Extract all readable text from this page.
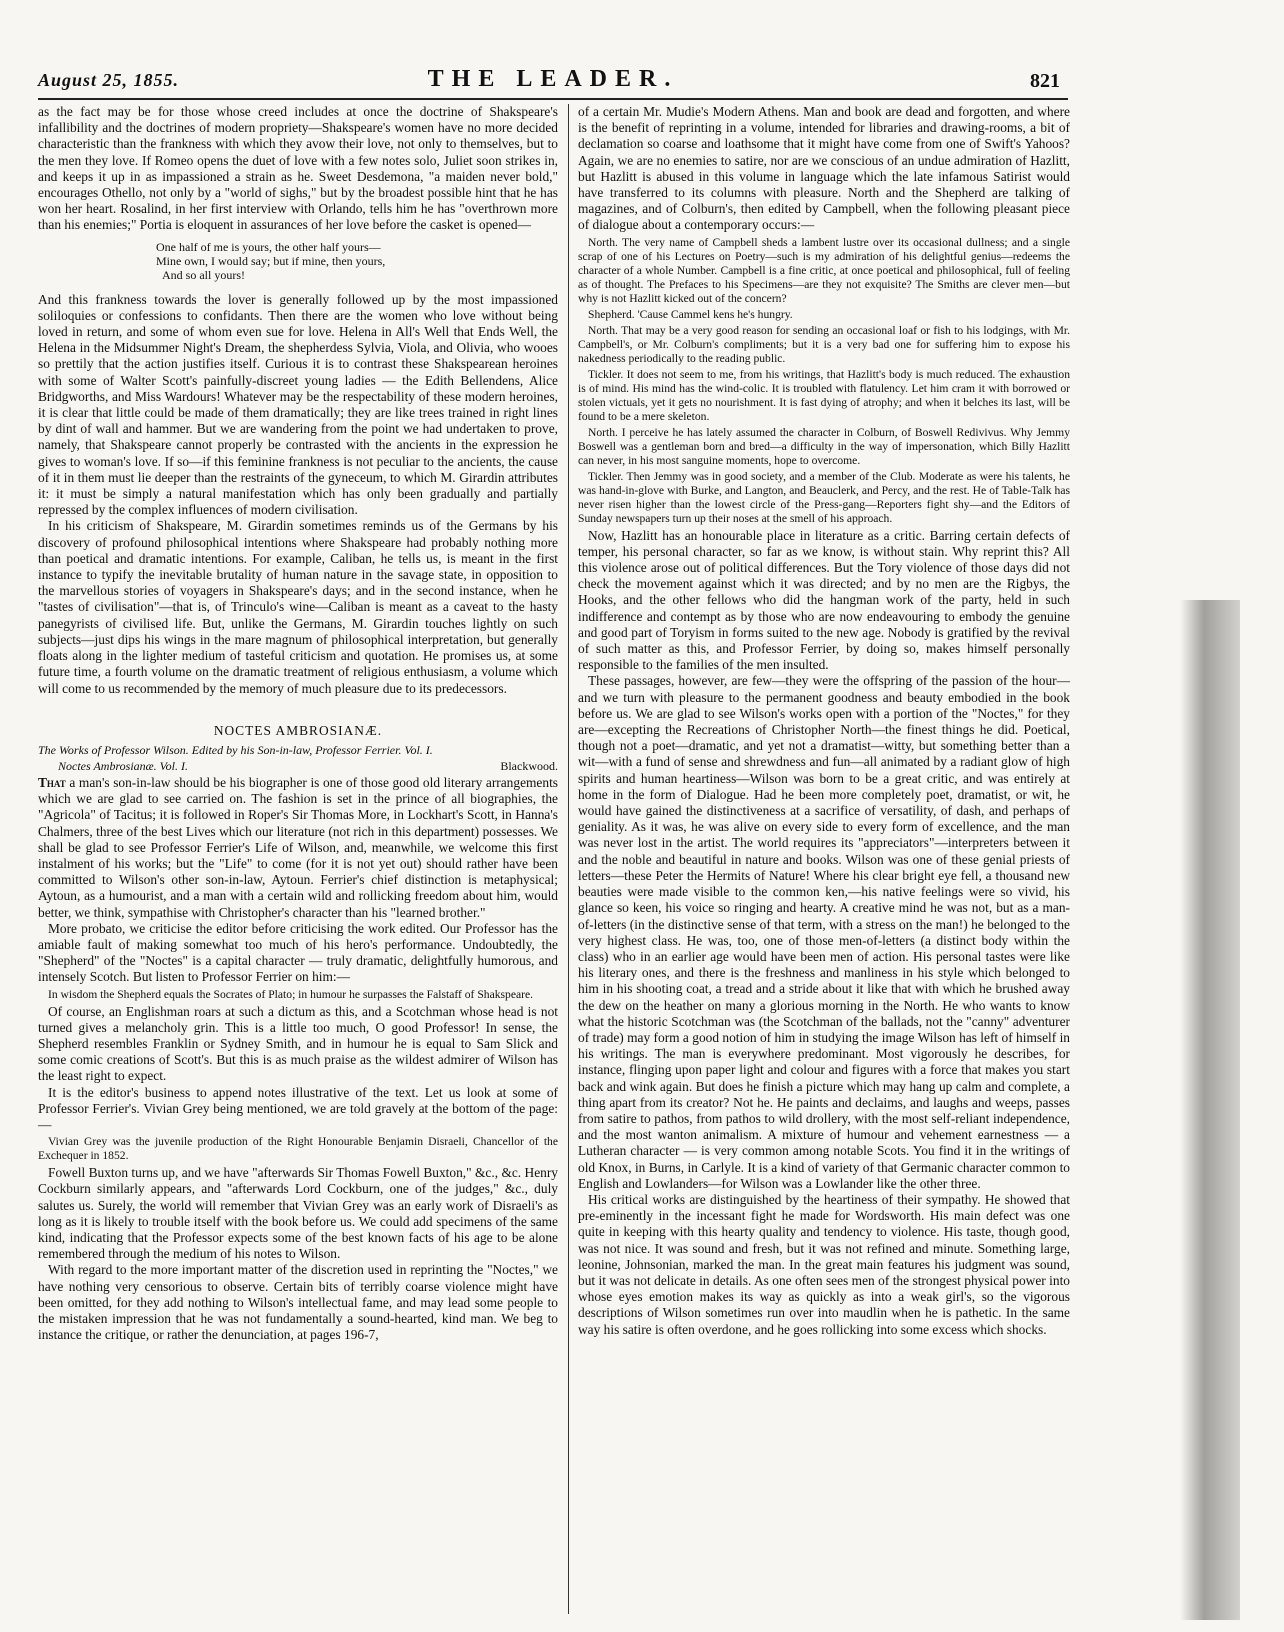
August 25, 1855.	THE LEADER.	821

as the fact may be for those whose creed includes at once the doctrine of Shakspeare's infallibility and the doctrines of modern propriety—Shakspeare's women have no more decided characteristic than the frankness with which they avow their love, not only to themselves, but to the men they love. If Romeo opens the duet of love with a few notes solo, Juliet soon strikes in, and keeps it up in as impassioned a strain as he. Sweet Desdemona, "a maiden never bold," encourages Othello, not only by a "world of sighs," but by the broadest possible hint that he has won her heart. Rosalind, in her first interview with Orlando, tells him he has "overthrown more than his enemies;" Portia is eloquent in assurances of her love before the casket is opened—

One half of me is yours, the other half yours—
Mine own, I would say; but if mine, then yours,
And so all yours!

And this frankness towards the lover is generally followed up by the most impassioned soliloquies or confessions to confidants. Then there are the women who love without being loved in return, and some of whom even sue for love. Helena in All's Well that Ends Well, the Helena in the Midsummer Night's Dream, the shepherdess Sylvia, Viola, and Olivia, who wooes so prettily that the action justifies itself. Curious it is to contrast these Shakspearean heroines with some of Walter Scott's painfully-discreet young ladies — the Edith Bellendens, Alice Bridgworths, and Miss Wardours! Whatever may be the respectability of these modern heroines, it is clear that little could be made of them dramatically; they are like trees trained in right lines by dint of wall and hammer. But we are wandering from the point we had undertaken to prove, namely, that Shakspeare cannot properly be contrasted with the ancients in the expression he gives to woman's love. If so—if this feminine frankness is not peculiar to the ancients, the cause of it in them must lie deeper than the restraints of the gyneceum, to which M. Girardin attributes it: it must be simply a natural manifestation which has only been gradually and partially repressed by the complex influences of modern civilisation.

In his criticism of Shakspeare, M. Girardin sometimes reminds us of the Germans by his discovery of profound philosophical intentions where Shakspeare had probably nothing more than poetical and dramatic intentions. For example, Caliban, he tells us, is meant in the first instance to typify the inevitable brutality of human nature in the savage state, in opposition to the marvellous stories of voyagers in Shakspeare's days; and in the second instance, when he "tastes of civilisation"—that is, of Trinculo's wine—Caliban is meant as a caveat to the hasty panegyrists of civilised life. But, unlike the Germans, M. Girardin touches lightly on such subjects—just dips his wings in the mare magnum of philosophical interpretation, but generally floats along in the lighter medium of tasteful criticism and quotation. He promises us, at some future time, a fourth volume on the dramatic treatment of religious enthusiasm, a volume which will come to us recommended by the memory of much pleasure due to its predecessors.

NOCTES AMBROSIANÆ.
The Works of Professor Wilson. Edited by his Son-in-law, Professor Ferrier. Vol. I.
Noctes Ambrosianæ. Vol. I.	Blackwood.

That a man's son-in-law should be his biographer is one of those good old literary arrangements which we are glad to see carried on. The fashion is set in the prince of all biographies, the "Agricola" of Tacitus; it is followed in Roper's Sir Thomas More, in Lockhart's Scott, in Hanna's Chalmers, three of the best Lives which our literature (not rich in this department) possesses. We shall be glad to see Professor Ferrier's Life of Wilson, and, meanwhile, we welcome this first instalment of his works; but the "Life" to come (for it is not yet out) should rather have been committed to Wilson's other son-in-law, Aytoun. Ferrier's chief distinction is metaphysical; Aytoun, as a humourist, and a man with a certain wild and rollicking freedom about him, would better, we think, sympathise with Christopher's character than his "learned brother."

More probato, we criticise the editor before criticising the work edited. Our Professor has the amiable fault of making somewhat too much of his hero's performance. Undoubtedly, the "Shepherd" of the "Noctes" is a capital character — truly dramatic, delightfully humorous, and intensely Scotch. But listen to Professor Ferrier on him:—

In wisdom the Shepherd equals the Socrates of Plato; in humour he surpasses the Falstaff of Shakspeare.

Of course, an Englishman roars at such a dictum as this, and a Scotchman whose head is not turned gives a melancholy grin. This is a little too much, O good Professor! In sense, the Shepherd resembles Franklin or Sydney Smith, and in humour he is equal to Sam Slick and some comic creations of Scott's. But this is as much praise as the wildest admirer of Wilson has the least right to expect.

It is the editor's business to append notes illustrative of the text. Let us look at some of Professor Ferrier's. Vivian Grey being mentioned, we are told gravely at the bottom of the page:—

Vivian Grey was the juvenile production of the Right Honourable Benjamin Disraeli, Chancellor of the Exchequer in 1852.

Fowell Buxton turns up, and we have "afterwards Sir Thomas Fowell Buxton," &c., &c. Henry Cockburn similarly appears, and "afterwards Lord Cockburn, one of the judges," &c., duly salutes us. Surely, the world will remember that Vivian Grey was an early work of Disraeli's as long as it is likely to trouble itself with the book before us. We could add specimens of the same kind, indicating that the Professor expects some of the best known facts of his age to be alone remembered through the medium of his notes to Wilson.

With regard to the more important matter of the discretion used in reprinting the "Noctes," we have nothing very censorious to observe. Certain bits of terribly coarse violence might have been omitted, for they add nothing to Wilson's intellectual fame, and may lead some people to the mistaken impression that he was not fundamentally a sound-hearted, kind man. We beg to instance the critique, or rather the denunciation, at pages 196-7,

of a certain Mr. Mudie's Modern Athens. Man and book are dead and forgotten, and where is the benefit of reprinting in a volume, intended for libraries and drawing-rooms, a bit of declamation so coarse and loathsome that it might have come from one of Swift's Yahoos? Again, we are no enemies to satire, nor are we conscious of an undue admiration of Hazlitt, but Hazlitt is abused in this volume in language which the late infamous Satirist would have transferred to its columns with pleasure. North and the Shepherd are talking of magazines, and of Colburn's, then edited by Campbell, when the following pleasant piece of dialogue about a contemporary occurs:—

North. The very name of Campbell sheds a lambent lustre over its occasional dullness; and a single scrap of one of his Lectures on Poetry—such is my admiration of his delightful genius—redeems the character of a whole Number. Campbell is a fine critic, at once poetical and philosophical, full of feeling as of thought. The Prefaces to his Specimens—are they not exquisite? The Smiths are clever men—but why is not Hazlitt kicked out of the concern?
Shepherd. 'Cause Cammel kens he's hungry.
North. That may be a very good reason for sending an occasional loaf or fish to his lodgings, with Mr. Campbell's, or Mr. Colburn's compliments; but it is a very bad one for suffering him to expose his nakedness periodically to the reading public.
Tickler. It does not seem to me, from his writings, that Hazlitt's body is much reduced. The exhaustion is of mind. His mind has the wind-colic. It is troubled with flatulency. Let him cram it with borrowed or stolen victuals, yet it gets no nourishment. It is fast dying of atrophy; and when it belches its last, will be found to be a mere skeleton.
North. I perceive he has lately assumed the character in Colburn, of Boswell Redivivus. Why Jemmy Boswell was a gentleman born and bred—a difficulty in the way of impersonation, which Billy Hazlitt can never, in his most sanguine moments, hope to overcome.
Tickler. Then Jemmy was in good society, and a member of the Club. Moderate as were his talents, he was hand-in-glove with Burke, and Langton, and Beauclerk, and Percy, and the rest. He of Table-Talk has never risen higher than the lowest circle of the Press-gang—Reporters fight shy—and the Editors of Sunday newspapers turn up their noses at the smell of his approach.

Now, Hazlitt has an honourable place in literature as a critic. Barring certain defects of temper, his personal character, so far as we know, is without stain. Why reprint this? All this violence arose out of political differences. But the Tory violence of those days did not check the movement against which it was directed; and by no men are the Rigbys, the Hooks, and the other fellows who did the hangman work of the party, held in such indifference and contempt as by those who are now endeavouring to embody the genuine and good part of Toryism in forms suited to the new age. Nobody is gratified by the revival of such matter as this, and Professor Ferrier, by doing so, makes himself personally responsible to the families of the men insulted.

These passages, however, are few—they were the offspring of the passion of the hour—and we turn with pleasure to the permanent goodness and beauty embodied in the book before us. We are glad to see Wilson's works open with a portion of the "Noctes," for they are—excepting the Recreations of Christopher North—the finest things he did. Poetical, though not a poet—dramatic, and yet not a dramatist—witty, but something better than a wit—with a fund of sense and shrewdness and fun—all animated by a radiant glow of high spirits and human heartiness—Wilson was born to be a great critic, and was entirely at home in the form of Dialogue. Had he been more completely poet, dramatist, or wit, he would have gained the distinctiveness at a sacrifice of versatility, of dash, and perhaps of geniality. As it was, he was alive on every side to every form of excellence, and the man was never lost in the artist. The world requires its "appreciators"—interpreters between it and the noble and beautiful in nature and books. Wilson was one of these genial priests of letters—these Peter the Hermits of Nature! Where his clear bright eye fell, a thousand new beauties were made visible to the common ken,—his native feelings were so vivid, his glance so keen, his voice so ringing and hearty. A creative mind he was not, but as a man-of-letters (in the distinctive sense of that term, with a stress on the man!) he belonged to the very highest class. He was, too, one of those men-of-letters (a distinct body within the class) who in an earlier age would have been men of action. His personal tastes were like his literary ones, and there is the freshness and manliness in his style which belonged to him in his shooting coat, a tread and a stride about it like that with which he brushed away the dew on the heather on many a glorious morning in the North. He who wants to know what the historic Scotchman was (the Scotchman of the ballads, not the "canny" adventurer of trade) may form a good notion of him in studying the image Wilson has left of himself in his writings. The man is everywhere predominant. Most vigorously he describes, for instance, flinging upon paper light and colour and figures with a force that makes you start back and wink again. But does he finish a picture which may hang up calm and complete, a thing apart from its creator? Not he. He paints and declaims, and laughs and weeps, passes from satire to pathos, from pathos to wild drollery, with the most self-reliant independence, and the most wanton animalism. A mixture of humour and vehement earnestness — a Lutheran character — is very common among notable Scots. You find it in the writings of old Knox, in Burns, in Carlyle. It is a kind of variety of that Germanic character common to English and Lowlanders—for Wilson was a Lowlander like the other three.

His critical works are distinguished by the heartiness of their sympathy. He showed that pre-eminently in the incessant fight he made for Wordsworth. His main defect was one quite in keeping with this hearty quality and tendency to violence. His taste, though good, was not nice. It was sound and fresh, but it was not refined and minute. Something large, leonine, Johnsonian, marked the man. In the great main features his judgment was sound, but it was not delicate in details. As one often sees men of the strongest physical power into whose eyes emotion makes its way as quickly as into a weak girl's, so the vigorous descriptions of Wilson sometimes run over into maudlin when he is pathetic. In the same way his satire is often overdone, and he goes rollicking into some excess which shocks.
